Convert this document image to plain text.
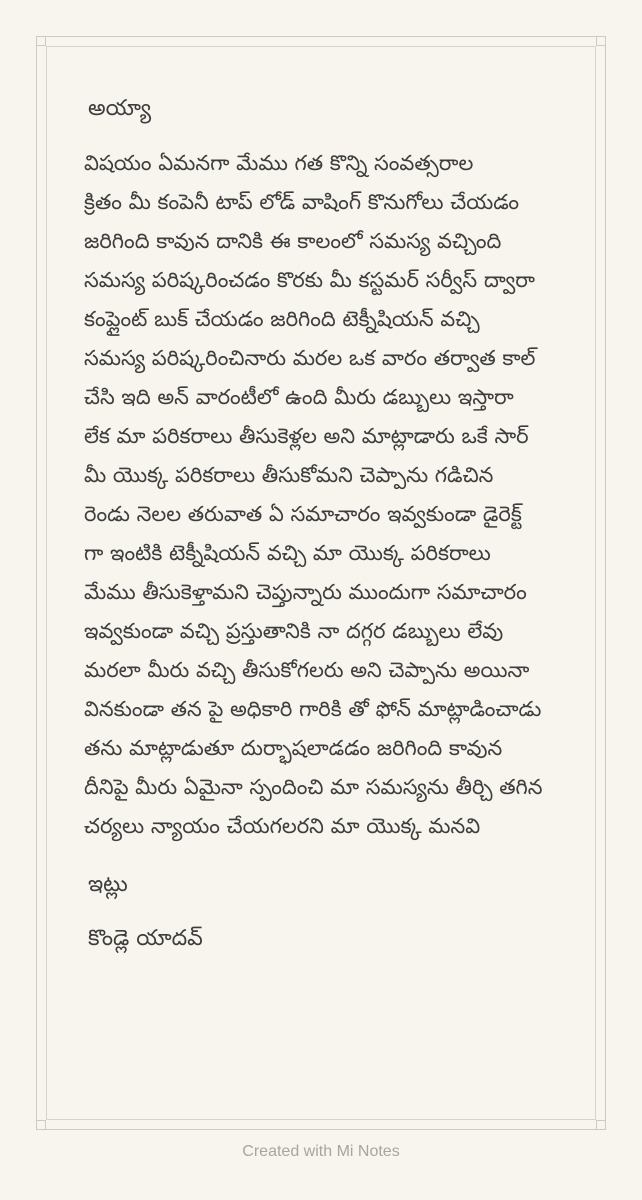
అయ్యా
విషయం ఏమనగా మేము గత కొన్ని సంవత్సరాల
క్రితం మీ కంపెనీ టాప్ లోడ్ వాషింగ్ కొనుగోలు చేయడం
జరిగింది కావున దానికి ఈ కాలంలో సమస్య వచ్చింది
సమస్య పరిష్కరించడం కొరకు మీ కస్టమర్ సర్వీస్ ద్వారా
కంప్లైంట్ బుక్ చేయడం జరిగింది టెక్నీషియన్ వచ్చి
సమస్య పరిష్కరించినారు మరల ఒక వారం తర్వాత కాల్
చేసి ఇది అన్ వారంటీలో ఉంది మీరు డబ్బులు ఇస్తారా
లేక మా పరికరాలు తీసుకెళ్లల అని మాట్లాడారు ఒకే సార్
మీ యొక్క పరికరాలు తీసుకోమని చెప్పాను గడిచిన
రెండు నెలల తరువాత ఏ సమాచారం ఇవ్వకుండా డైరెక్ట్
గా ఇంటికి టెక్నీషియన్ వచ్చి మా యొక్క పరికరాలు
మేము తీసుకెళ్తామని చెప్తున్నారు ముందుగా సమాచారం
ఇవ్వకుండా వచ్చి ప్రస్తుతానికి నా దగ్గర డబ్బులు లేవు
మరలా మీరు వచ్చి తీసుకోగలరు అని చెప్పాను అయినా
వినకుండా తన పై అధికారి గారికి తో ఫోన్ మాట్లాడించాడు
తను మాట్లాడుతూ దుర్భాషలాడడం జరిగింది కావున
దీనిపై మీరు ఏమైనా స్పందించి మా సమస్యను తీర్చి తగిన
చర్యలు న్యాయం చేయగలరని మా యొక్క మనవి
ఇట్లు
కొండ్లె యాదవ్
Created with Mi Notes
